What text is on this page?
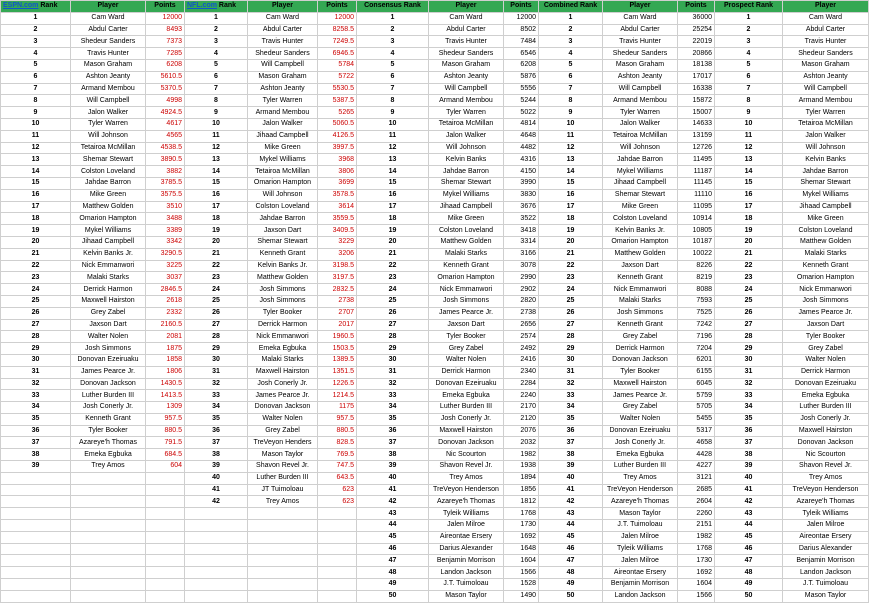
ESPN.com Rank	Player	Points	NFL.com Rank	Player	Points	Consensus Rank	Player	Points	Combined Rank	Player	Points	Prospect Rank	Player
1	Cam Ward	12000	1	Cam Ward	12000	1	Cam Ward	12000	1	Cam Ward	36000	1	Cam Ward
2	Abdul Carter	8493	2	Abdul Carter	8258.5	2	Abdul Carter	8502	2	Abdul Carter	25254	2	Abdul Carter
3	Shedeur Sanders	7373	3	Travis Hunter	7249.5	3	Travis Hunter	7484	3	Travis Hunter	22019	3	Travis Hunter
4	Travis Hunter	7285	4	Shedeur Sanders	6946.5	4	Shedeur Sanders	6546	4	Shedeur Sanders	20866	4	Shedeur Sanders
5	Mason Graham	6208	5	Will Campbell	5784	5	Mason Graham	6208	5	Mason Graham	18138	5	Mason Graham
6	Ashton Jeanty	5610.5	6	Mason Graham	5722	6	Ashton Jeanty	5876	6	Ashton Jeanty	17017	6	Ashton Jeanty
7	Armand Membou	5370.5	7	Ashton Jeanty	5530.5	7	Will Campbell	5556	7	Will Campbell	16338	7	Will Campbell
8	Will Campbell	4998	8	Tyler Warren	5387.5	8	Armand Membou	5244	8	Armand Membou	15872	8	Armand Membou
9	Jalon Walker	4924.5	9	Armand Membou	5265	9	Tyler Warren	5022	9	Tyler Warren	15007	9	Tyler Warren
10	Tyler Warren	4617	10	Jalon Walker	5060.5	10	Tetairoa McMillan	4814	10	Jalon Walker	14633	10	Tetairoa McMillan
11	Will Johnson	4565	11	Jihaad Campbell	4126.5	11	Jalon Walker	4648	11	Tetairoa McMillan	13159	11	Jalon Walker
12	Tetairoa McMillan	4538.5	12	Mike Green	3997.5	12	Will Johnson	4482	12	Will Johnson	12726	12	Will Johnson
13	Shemar Stewart	3890.5	13	Mykel Williams	3968	13	Kelvin Banks	4316	13	Jahdae Barron	11495	13	Kelvin Banks
14	Colston Loveland	3882	14	Tetairoa McMillan	3806	14	Jahdae Barron	4150	14	Mykel Williams	11187	14	Jahdae Barron
15	Jahdae Barron	3785.5	15	Omarion Hampton	3699	15	Shemar Stewart	3990	15	Jihaad Campbell	11145	15	Shemar Stewart
16	Mike Green	3575.5	16	Will Johnson	3578.5	16	Mykel Williams	3830	16	Shemar Stewart	11110	16	Mykel Williams
17	Matthew Golden	3510	17	Colston Loveland	3614	17	Jihaad Campbell	3676	17	Mike Green	11095	17	Jihaad Campbell
18	Omarion Hampton	3488	18	Jahdae Barron	3559.5	18	Mike Green	3522	18	Colston Loveland	10914	18	Mike Green
19	Mykel Williams	3389	19	Jaxson Dart	3409.5	19	Colston Loveland	3418	19	Kelvin Banks Jr.	10805	19	Colston Loveland
20	Jihaad Campbell	3342	20	Shemar Stewart	3229	20	Matthew Golden	3314	20	Omarion Hampton	10187	20	Matthew Golden
21	Kelvin Banks Jr.	3290.5	21	Kenneth Grant	3206	21	Malaki Starks	3166	21	Matthew Golden	10022	21	Malaki Starks
22	Nick Emmanwori	3225	22	Kelvin Banks Jr.	3198.5	22	Kenneth Grant	3078	22	Jaxson Dart	8226	22	Kenneth Grant
23	Malaki Starks	3037	23	Matthew Golden	3197.5	23	Omarion Hampton	2990	23	Kenneth Grant	8219	23	Omarion Hampton
24	Derrick Harmon	2846.5	24	Josh Simmons	2832.5	24	Nick Emmanwori	2902	24	Nick Emmanwori	8088	24	Nick Emmanwori
25	Maxwell Hairston	2618	25	Josh Simmons	2738	25	Josh Simmons	2820	25	Malaki Starks	7593	25	Josh Simmons
26	Grey Zabel	2332	26	Tyler Booker	2707	26	James Pearce Jr.	2738	26	Josh Simmons	7525	26	James Pearce Jr.
27	Jaxson Dart	2160.5	27	Derrick Harmon	2017	27	Jaxson Dart	2656	27	Kenneth Grant	7242	27	Jaxson Dart
28	Walter Nolen	2081	28	Nick Emmanwori	1960.5	28	Tyler Booker	2574	28	Grey Zabel	7196	28	Tyler Booker
29	Josh Simmons	1875	29	Emeka Egbuka	1503.5	29	Grey Zabel	2492	29	Derrick Harmon	7204	29	Grey Zabel
30	Donovan Ezeiruaku	1858	30	Malaki Starks	1389.5	30	Walter Nolen	2416	30	Donovan Jackson	6201	30	Walter Nolen
31	James Pearce Jr.	1806	31	Maxwell Hairston	1351.5	31	Derrick Harmon	2340	31	Tyler Booker	6155	31	Derrick Harmon
32	Donovan Jackson	1430.5	32	Josh Conerly Jr.	1226.5	32	Donovan Ezeiruaku	2284	32	Maxwell Hairston	6045	32	Donovan Ezeiruaku
33	Luther Burden III	1413.5	33	James Pearce Jr.	1214.5	33	Emeka Egbuka	2240	33	James Pearce Jr.	5759	33	Emeka Egbuka
34	Josh Conerly Jr.	1309	34	Donovan Jackson	1175	34	Luther Burden III	2170	34	Grey Zabel	5705	34	Luther Burden III
35	Kenneth Grant	957.5	35	Walter Nolen	957.5	35	Josh Conerly Jr.	2120	35	Walter Nolen	5455	35	Josh Conerly Jr.
36	Tyler Booker	880.5	36	Grey Zabel	880.5	36	Maxwell Hairston	2076	36	Donovan Ezeiruaku	5317	36	Maxwell Hairston
37	Azareye'h Thomas	791.5	37	TreVeyon Henders	828.5	37	Donovan Jackson	2032	37	Josh Conerly Jr.	4658	37	Donovan Jackson
38	Emeka Egbuka	684.5	38	Mason Taylor	769.5	38	Nic Scourton	1982	38	Emeka Egbuka	4428	38	Nic Scourton
39	Trey Amos	604	39	Shavon Revel Jr.	747.5	39	Shavon Revel Jr.	1938	39	Luther Burden III	4227	39	Shavon Revel Jr.
			40	Luther Burden III	643.5	40	Trey Amos	1894	40	Trey Amos	3121	40	Trey Amos
			41	JT Tuimoloau	623	41	TreVeyon Henderson	1856	41	TreVeyon Henderson	2685	41	TreVeyon Henderson
			42	Trey Amos	623	42	Azareye'h Thomas	1812	42	Azareye'h Thomas	2604	42	Azareye'h Thomas
						43	Tyleik Williams	1768	43	Mason Taylor	2260	43	Tyleik Williams
						44	Jalen Milroe	1730	44	J.T. Tuimoloau	2151	44	Jalen Milroe
						45	Aireontae Ersery	1692	45	Jalen Milroe	1982	45	Aireontae Ersery
						46	Darius Alexander	1648	46	Tyleik Williams	1768	46	Darius Alexander
						47	Benjamin Morrison	1604	47	Jalen Milroe	1730	47	Benjamin Morrison
						48	Landon Jackson	1566	48	Aireontae Ersery	1692	48	Landon Jackson
						49	J.T. Tuimoloau	1528	49	Benjamin Morrison	1604	49	J.T. Tuimoloau
						50	Mason Taylor	1490	50	Landon Jackson	1566	50	Mason Taylor
